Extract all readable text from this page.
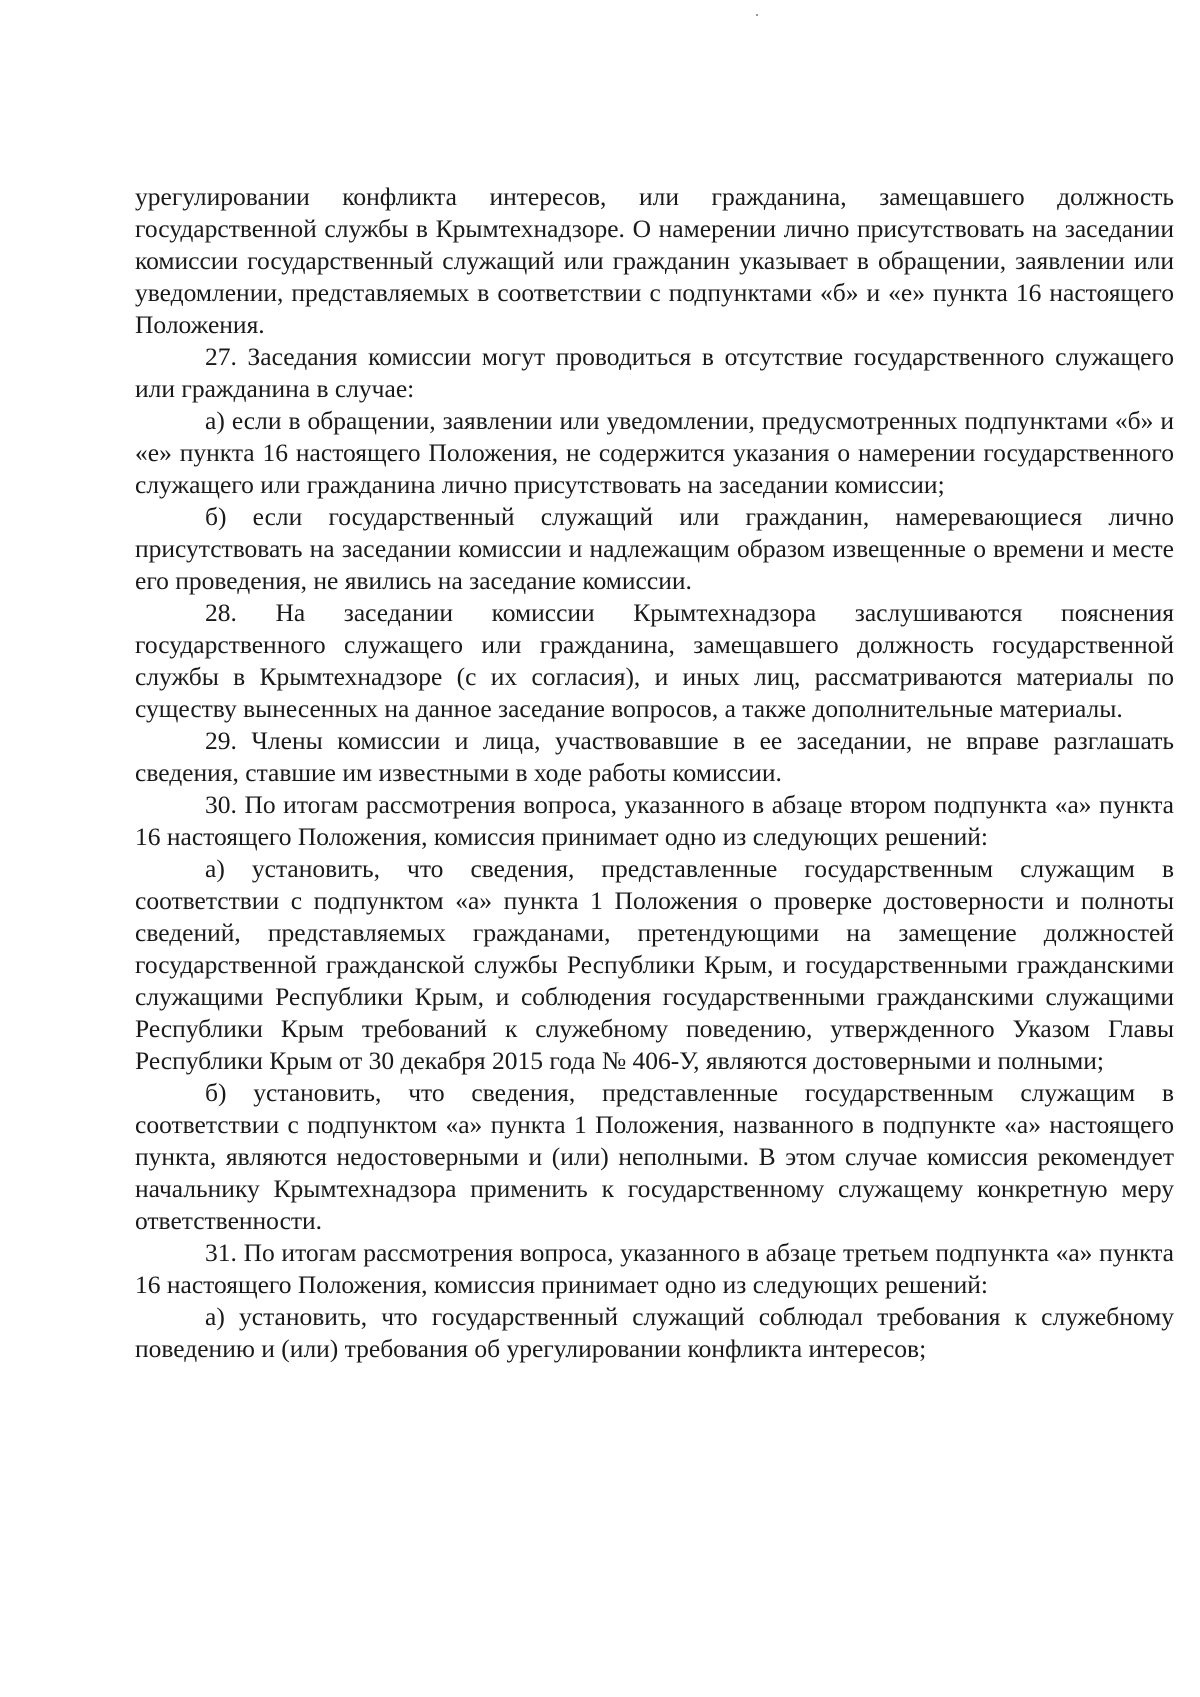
урегулировании конфликта интересов, или гражданина, замещавшего должность государственной службы в Крымтехнадзоре. О намерении лично присутствовать на заседании комиссии государственный служащий или гражданин указывает в обращении, заявлении или уведомлении, представляемых в соответствии с подпунктами «б» и «е» пункта 16 настоящего Положения.

27. Заседания комиссии могут проводиться в отсутствие государственного служащего или гражданина в случае:

а) если в обращении, заявлении или уведомлении, предусмотренных подпунктами «б» и «е» пункта 16 настоящего Положения, не содержится указания о намерении государственного служащего или гражданина лично присутствовать на заседании комиссии;

б) если государственный служащий или гражданин, намеревающиеся лично присутствовать на заседании комиссии и надлежащим образом извещенные о времени и месте его проведения, не явились на заседание комиссии.

28. На заседании комиссии Крымтехнадзора заслушиваются пояснения государственного служащего или гражданина, замещавшего должность государственной службы в Крымтехнадзоре (с их согласия), и иных лиц, рассматриваются материалы по существу вынесенных на данное заседание вопросов, а также дополнительные материалы.

29. Члены комиссии и лица, участвовавшие в ее заседании, не вправе разглашать сведения, ставшие им известными в ходе работы комиссии.

30. По итогам рассмотрения вопроса, указанного в абзаце втором подпункта «а» пункта 16 настоящего Положения, комиссия принимает одно из следующих решений:

а) установить, что сведения, представленные государственным служащим в соответствии с подпунктом «а» пункта 1 Положения о проверке достоверности и полноты сведений, представляемых гражданами, претендующими на замещение должностей государственной гражданской службы Республики Крым, и государственными гражданскими служащими Республики Крым, и соблюдения государственными гражданскими служащими Республики Крым требований к служебному поведению, утвержденного Указом Главы Республики Крым от 30 декабря 2015 года № 406-У, являются достоверными и полными;

б) установить, что сведения, представленные государственным служащим в соответствии с подпунктом «а» пункта 1 Положения, названного в подпункте «а» настоящего пункта, являются недостоверными и (или) неполными. В этом случае комиссия рекомендует начальнику Крымтехнадзора применить к государственному служащему конкретную меру ответственности.

31. По итогам рассмотрения вопроса, указанного в абзаце третьем подпункта «а» пункта 16 настоящего Положения, комиссия принимает одно из следующих решений:

а) установить, что государственный служащий соблюдал требования к служебному поведению и (или) требования об урегулировании конфликта интересов;
